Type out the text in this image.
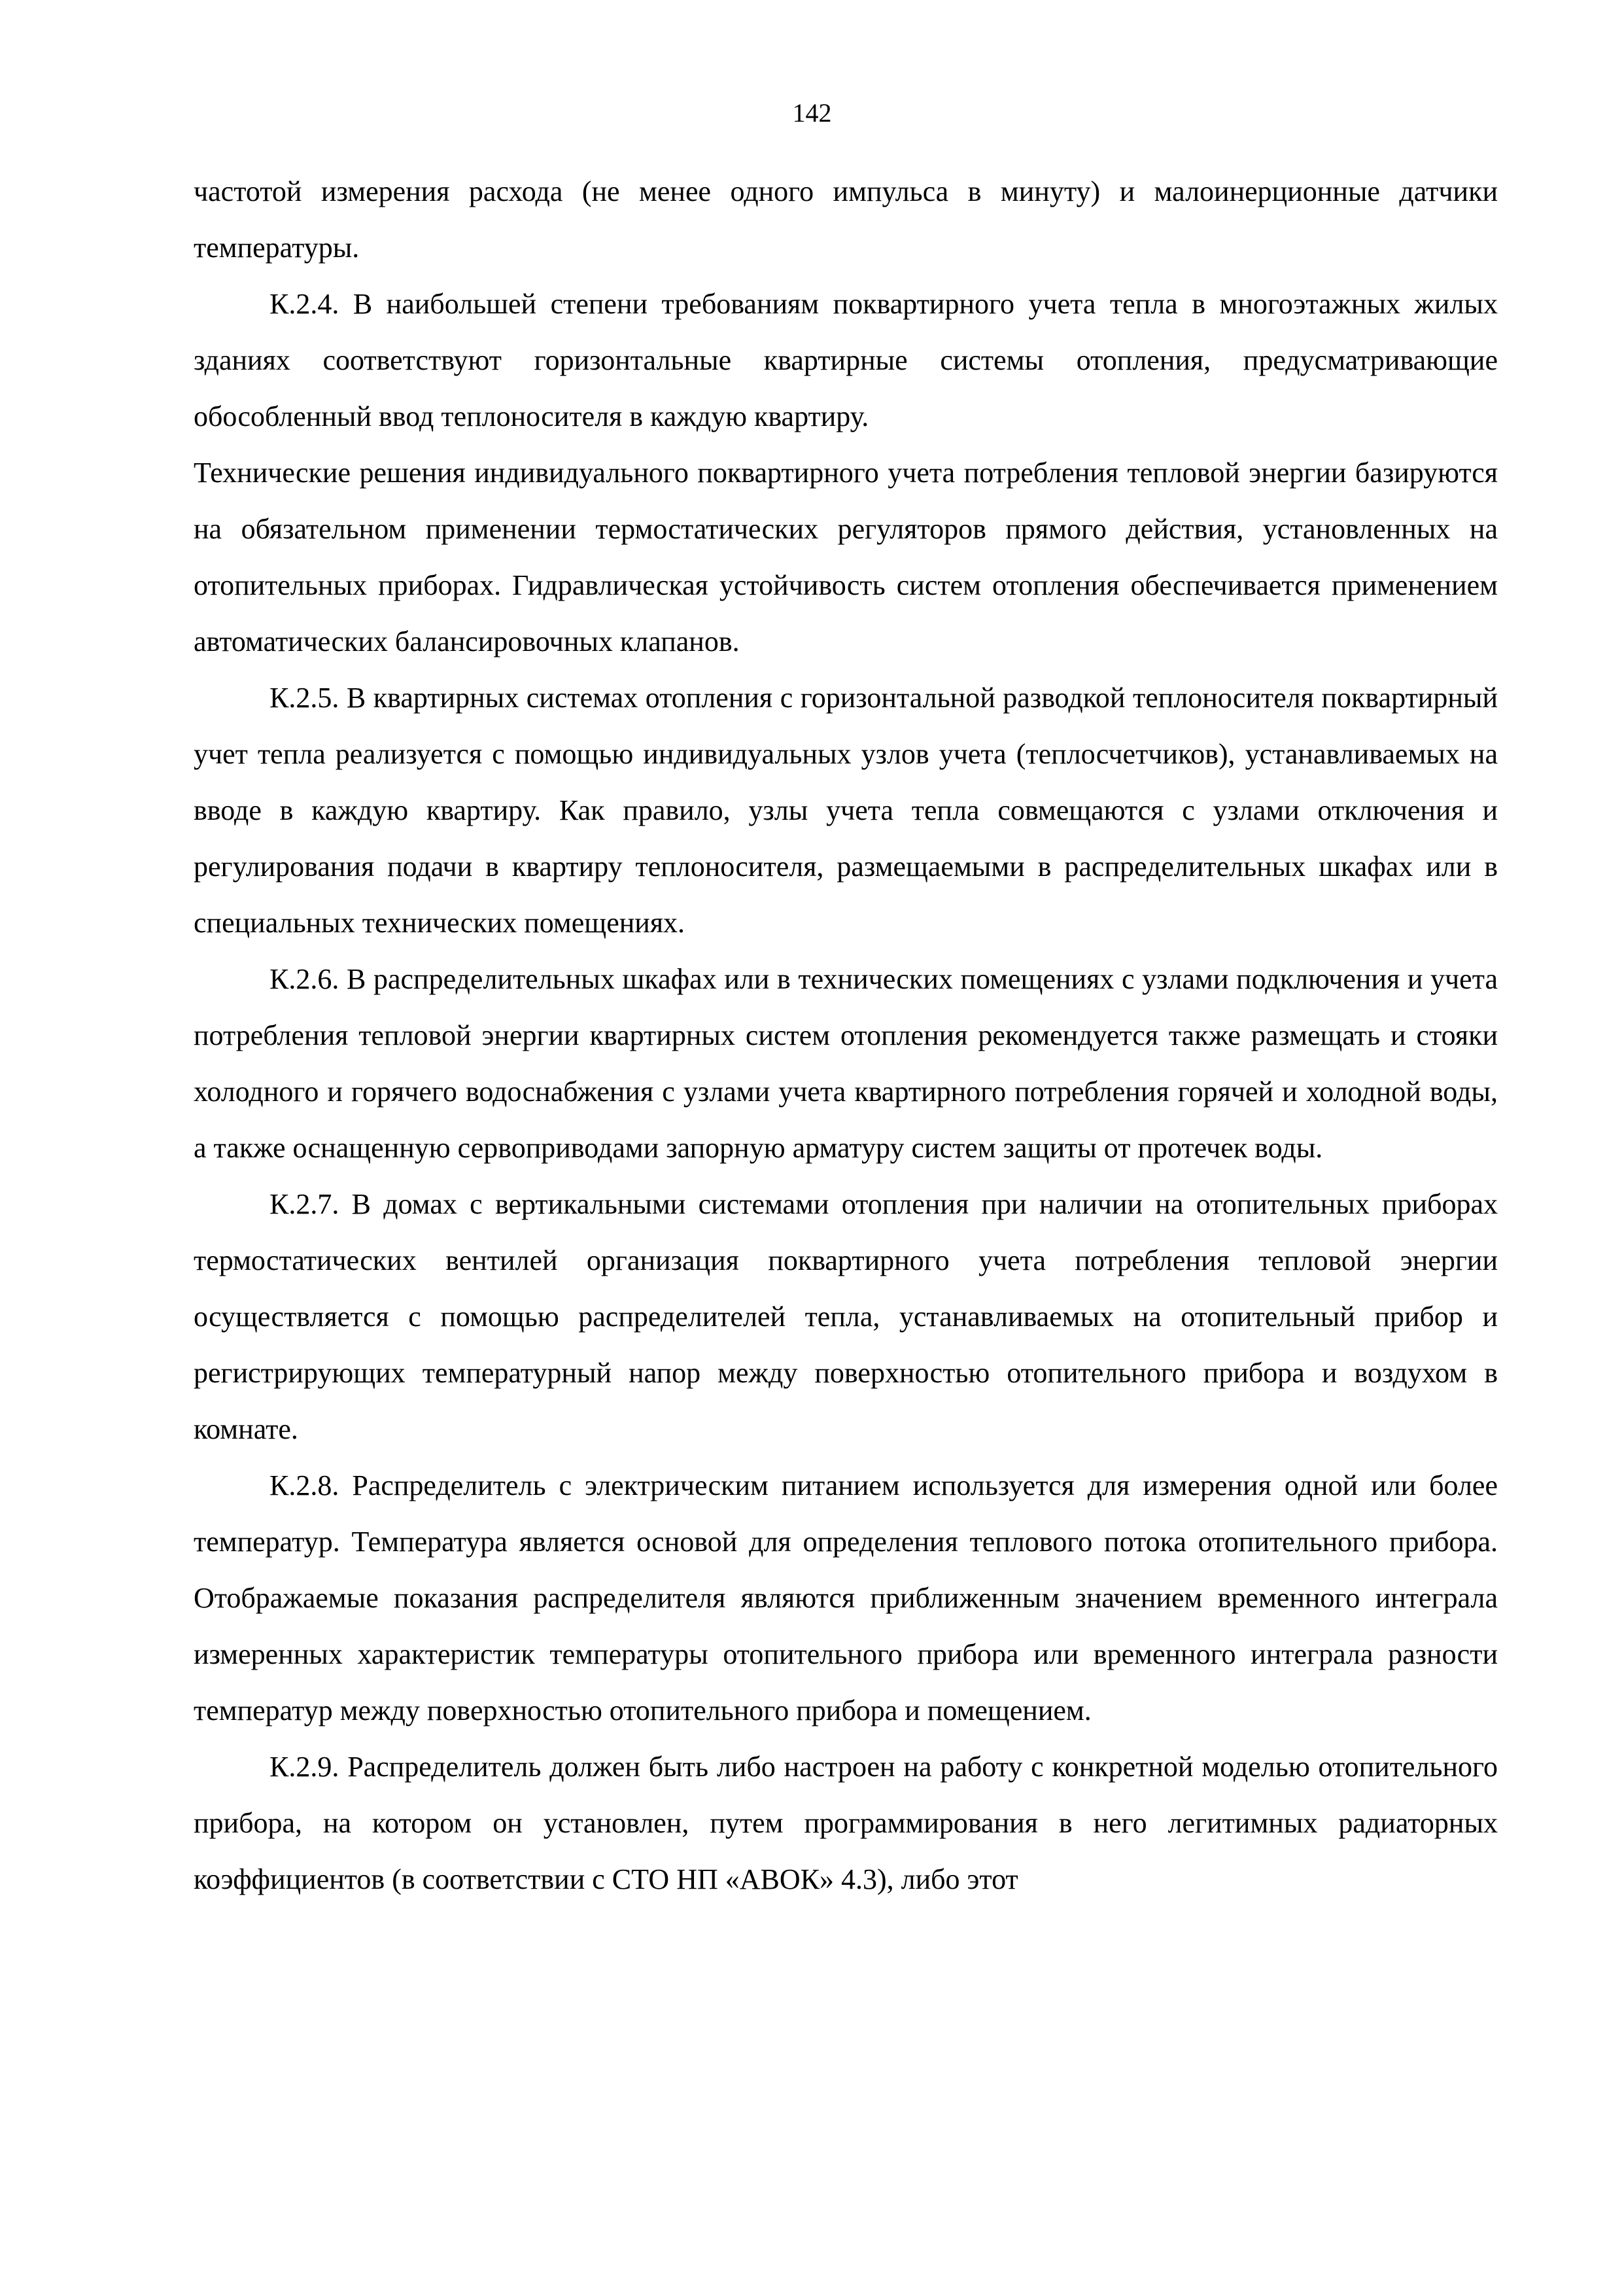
142

частотой измерения расхода (не менее одного импульса в минуту) и малоинерционные датчики температуры.

К.2.4. В наибольшей степени требованиям поквартирного учета тепла в многоэтажных жилых зданиях соответствуют горизонтальные квартирные системы отопления, предусматривающие обособленный ввод теплоносителя в каждую квартиру.

Технические решения индивидуального поквартирного учета потребления тепловой энергии базируются на обязательном применении термостатических регуляторов прямого действия, установленных на отопительных приборах. Гидравлическая устойчивость систем отопления обеспечивается применением автоматических балансировочных клапанов.

К.2.5. В квартирных системах отопления с горизонтальной разводкой теплоносителя поквартирный учет тепла реализуется с помощью индивидуальных узлов учета (теплосчетчиков), устанавливаемых на вводе в каждую квартиру. Как правило, узлы учета тепла совмещаются с узлами отключения и регулирования подачи в квартиру теплоносителя, размещаемыми в распределительных шкафах или в специальных технических помещениях.

К.2.6. В распределительных шкафах или в технических помещениях с узлами подключения и учета потребления тепловой энергии квартирных систем отопления рекомендуется также размещать и стояки холодного и горячего водоснабжения с узлами учета квартирного потребления горячей и холодной воды, а также оснащенную сервоприводами запорную арматуру систем защиты от протечек воды.

К.2.7. В домах с вертикальными системами отопления при наличии на отопительных приборах термостатических вентилей организация поквартирного учета потребления тепловой энергии осуществляется с помощью распределителей тепла, устанавливаемых на отопительный прибор и регистрирующих температурный напор между поверхностью отопительного прибора и воздухом в комнате.

К.2.8. Распределитель с электрическим питанием используется для измерения одной или более температур. Температура является основой для определения теплового потока отопительного прибора. Отображаемые показания распределителя являются приближенным значением временного интеграла измеренных характеристик температуры отопительного прибора или временного интеграла разности температур между поверхностью отопительного прибора и помещением.

К.2.9. Распределитель должен быть либо настроен на работу с конкретной моделью отопительного прибора, на котором он установлен, путем программирования в него легитимных радиаторных коэффициентов (в соответствии с СТО НП «АВОК» 4.3), либо этот
